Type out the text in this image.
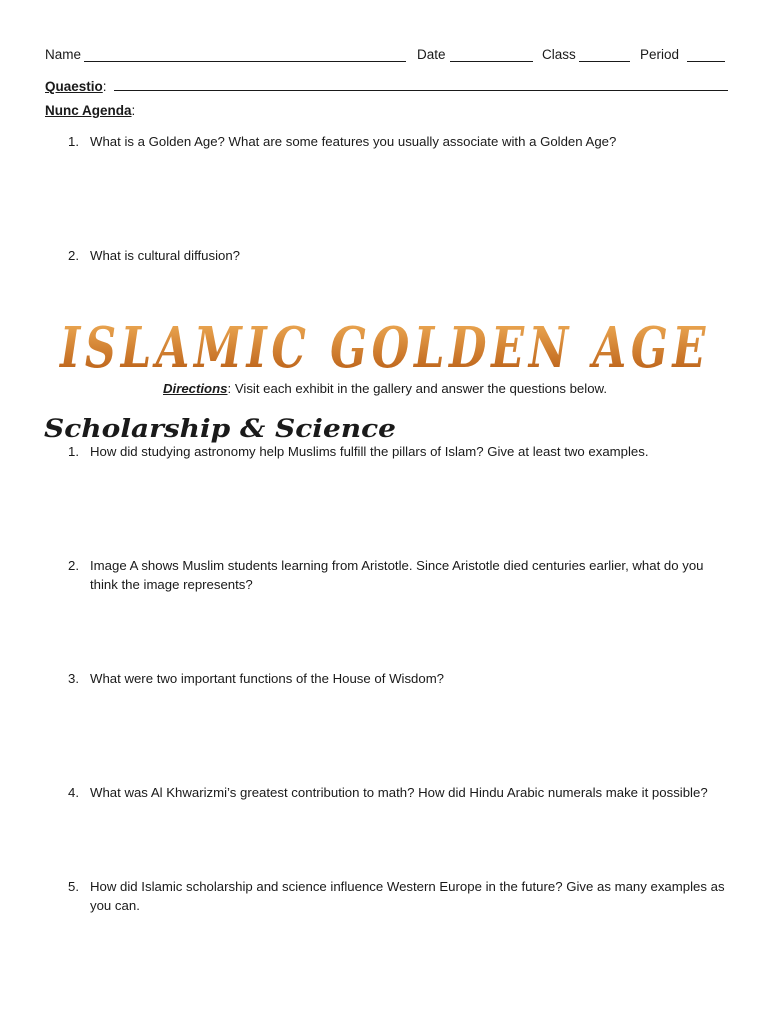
Name	Date	Class	Period
Quaestio:
Nunc Agenda:
1. What is a Golden Age? What are some features you usually associate with a Golden Age?
2. What is cultural diffusion?
ISLAMIC GOLDEN AGE
Directions: Visit each exhibit in the gallery and answer the questions below.
Scholarship & Science
1. How did studying astronomy help Muslims fulfill the pillars of Islam? Give at least two examples.
2. Image A shows Muslim students learning from Aristotle. Since Aristotle died centuries earlier, what do you think the image represents?
3. What were two important functions of the House of Wisdom?
4. What was Al Khwarizmi’s greatest contribution to math? How did Hindu Arabic numerals make it possible?
5. How did Islamic scholarship and science influence Western Europe in the future? Give as many examples as you can.
